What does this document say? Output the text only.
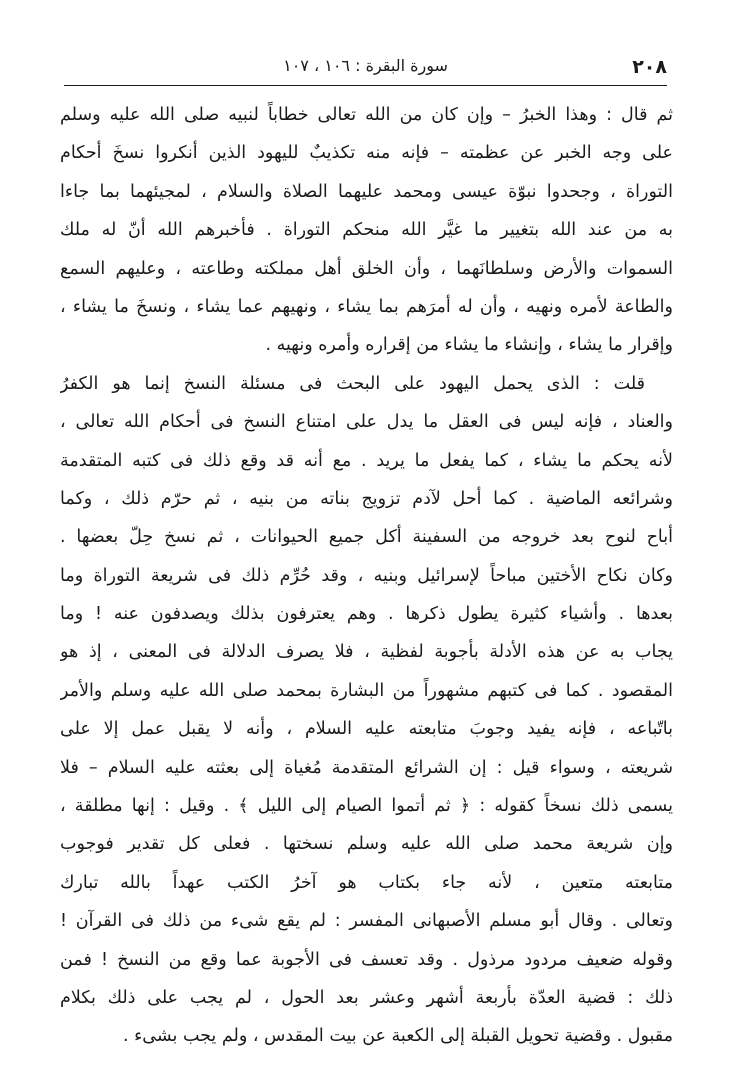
٢٠٨
سورة البقرة : ١٠٦ ، ١٠٧
ثم قال : وهذا الخبرُ – وإن كان من الله تعالى خطاباً لنبيه صلى الله عليه وسلم
على وجه الخبر عن عظمته – فإنه منه تكذيبٌ لليهود الذين أنكروا نسخَ أحكام
التوراة ، وجحدوا نبوّة عيسى ومحمد عليهما الصلاة والسلام ، لمجيئهما بما جاءا
به من عند الله بتغيير ما غيَّر الله منحكم التوراة . فأخبرهم الله أنّ له ملك
السموات والأرض وسلطانَهما ، وأن الخلق أهل مملكته وطاعته ، وعليهم السمع
والطاعة لأمره ونهيه ، وأن له أمرَهم بما يشاء ، ونهيهم عما يشاء ، ونسخَ ما يشاء ،
وإقرار ما يشاء ، وإنشاء ما يشاء من إقراره وأمره ونهيه .
قلت : الذى يحمل اليهود على البحث فى مسئلة النسخ إنما هو الكفرُ
والعناد ، فإنه ليس فى العقل ما يدل على امتناع النسخ فى أحكام الله تعالى ،
لأنه يحكم ما يشاء ، كما يفعل ما يريد . مع أنه قد وقع ذلك فى كتبه المتقدمة
وشرائعه الماضية . كما أحل لآدم تزويج بناته من بنيه ، ثم حرّم ذلك ، وكما
أباح لنوح بعد خروجه من السفينة أكل جميع الحيوانات ، ثم نسخ حِلّ بعضها .
وكان نكاح الأختين مباحاً لإسرائيل وبنيه ، وقد حُرِّم ذلك فى شريعة التوراة وما
بعدها . وأشياء كثيرة يطول ذكرها . وهم يعترفون بذلك ويصدفون عنه ! وما
يجاب به عن هذه الأدلة بأجوبة لفظية ، فلا يصرف الدلالة فى المعنى ، إذ هو
المقصود . كما فى كتبهم مشهوراً من البشارة بمحمد صلى الله عليه وسلم والأمر
باتّباعه ، فإنه يفيد وجوبَ متابعته عليه السلام ، وأنه لا يقبل عمل إلا على
شريعته ، وسواء قيل : إن الشرائع المتقدمة مُغياة إلى بعثته عليه السلام – فلا
يسمى ذلك نسخاً كقوله : ﴿ ثم أتموا الصيام إلى الليل ﴾ . وقيل : إنها مطلقة ،
وإن شريعة محمد صلى الله عليه وسلم نسختها . فعلى كل تقدير فوجوب
متابعته متعين ، لأنه جاء بكتاب هو آخرُ الكتب عهداً بالله تبارك
وتعالى . وقال أبو مسلم الأصبهانى المفسر : لم يقع شىء من ذلك فى القرآن !
وقوله ضعيف مردود مرذول . وقد تعسف فى الأجوبة عما وقع من النسخ ! فمن
ذلك : قضية العدّة بأربعة أشهر وعشر بعد الحول ، لم يجب على ذلك بكلام
مقبول . وقضية تحويل القبلة إلى الكعبة عن بيت المقدس ، ولم يجب بشىء .
